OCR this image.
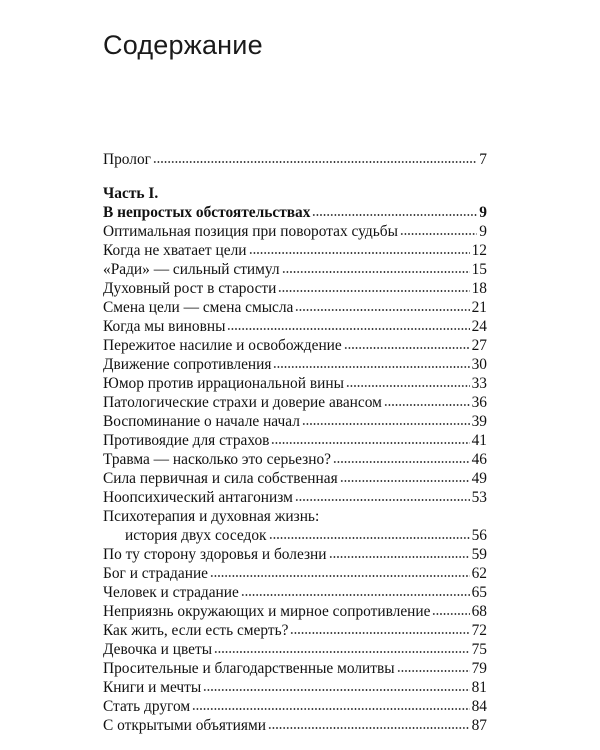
Содержание
Пролог	7
Часть I.
В непростых обстоятельствах	9
Оптимальная позиция при поворотах судьбы	9
Когда не хватает цели	12
«Ради» — сильный стимул	15
Духовный рост в старости	18
Смена цели — смена смысла	21
Когда мы виновны	24
Пережитое насилие и освобождение	27
Движение сопротивления	30
Юмор против иррациональной вины	33
Патологические страхи и доверие авансом	36
Воспоминание о начале начал	39
Противоядие для страхов	41
Травма — насколько это серьезно?	46
Сила первичная и сила собственная	49
Ноопсихический антагонизм	53
Психотерапия и духовная жизнь:
история двух соседок	56
По ту сторону здоровья и болезни	59
Бог и страдание	62
Человек и страдание	65
Неприязнь окружающих и мирное сопротивление	68
Как жить, если есть смерть?	72
Девочка и цветы	75
Просительные и благодарственные молитвы	79
Книги и мечты	81
Стать другом	84
С открытыми объятиями	87
